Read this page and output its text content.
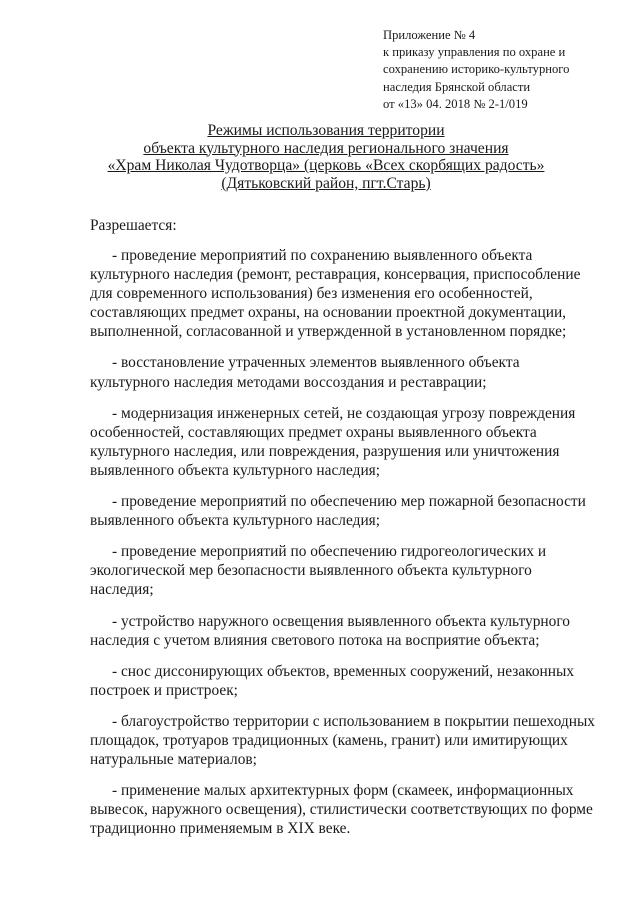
Приложение № 4
к приказу управления по охране и
сохранению историко-культурного
наследия Брянской области
от «13» 04. 2018 № 2-1/019
Режимы использования территории
объекта культурного наследия регионального значения
«Храм Николая Чудотворца» (церковь «Всех скорбящих радость»
(Дятьковский район, пгт.Старь)
Разрешается:
- проведение мероприятий по сохранению выявленного объекта
культурного наследия (ремонт, реставрация, консервация, приспособление
для современного использования) без изменения его особенностей,
составляющих предмет охраны, на основании проектной документации,
выполненной, согласованной и утвержденной в установленном порядке;
- восстановление утраченных элементов выявленного объекта
культурного наследия методами воссоздания и реставрации;
- модернизация инженерных сетей, не создающая угрозу повреждения
особенностей, составляющих предмет охраны выявленного объекта
культурного наследия, или повреждения, разрушения или уничтожения
выявленного объекта культурного наследия;
- проведение мероприятий по обеспечению мер пожарной безопасности
выявленного объекта культурного наследия;
- проведение мероприятий по обеспечению гидрогеологических и
экологической мер безопасности выявленного объекта культурного
наследия;
- устройство наружного освещения выявленного объекта культурного
наследия с учетом влияния светового потока на восприятие объекта;
- снос диссонирующих объектов, временных сооружений, незаконных
построек и пристроек;
- благоустройство территории с использованием в покрытии пешеходных
площадок, тротуаров традиционных (камень, гранит) или имитирующих
натуральные материалов;
- применение малых архитектурных форм (скамеек, информационных
вывесок, наружного освещения), стилистически соответствующих по форме
традиционно применяемым в XIX веке.
